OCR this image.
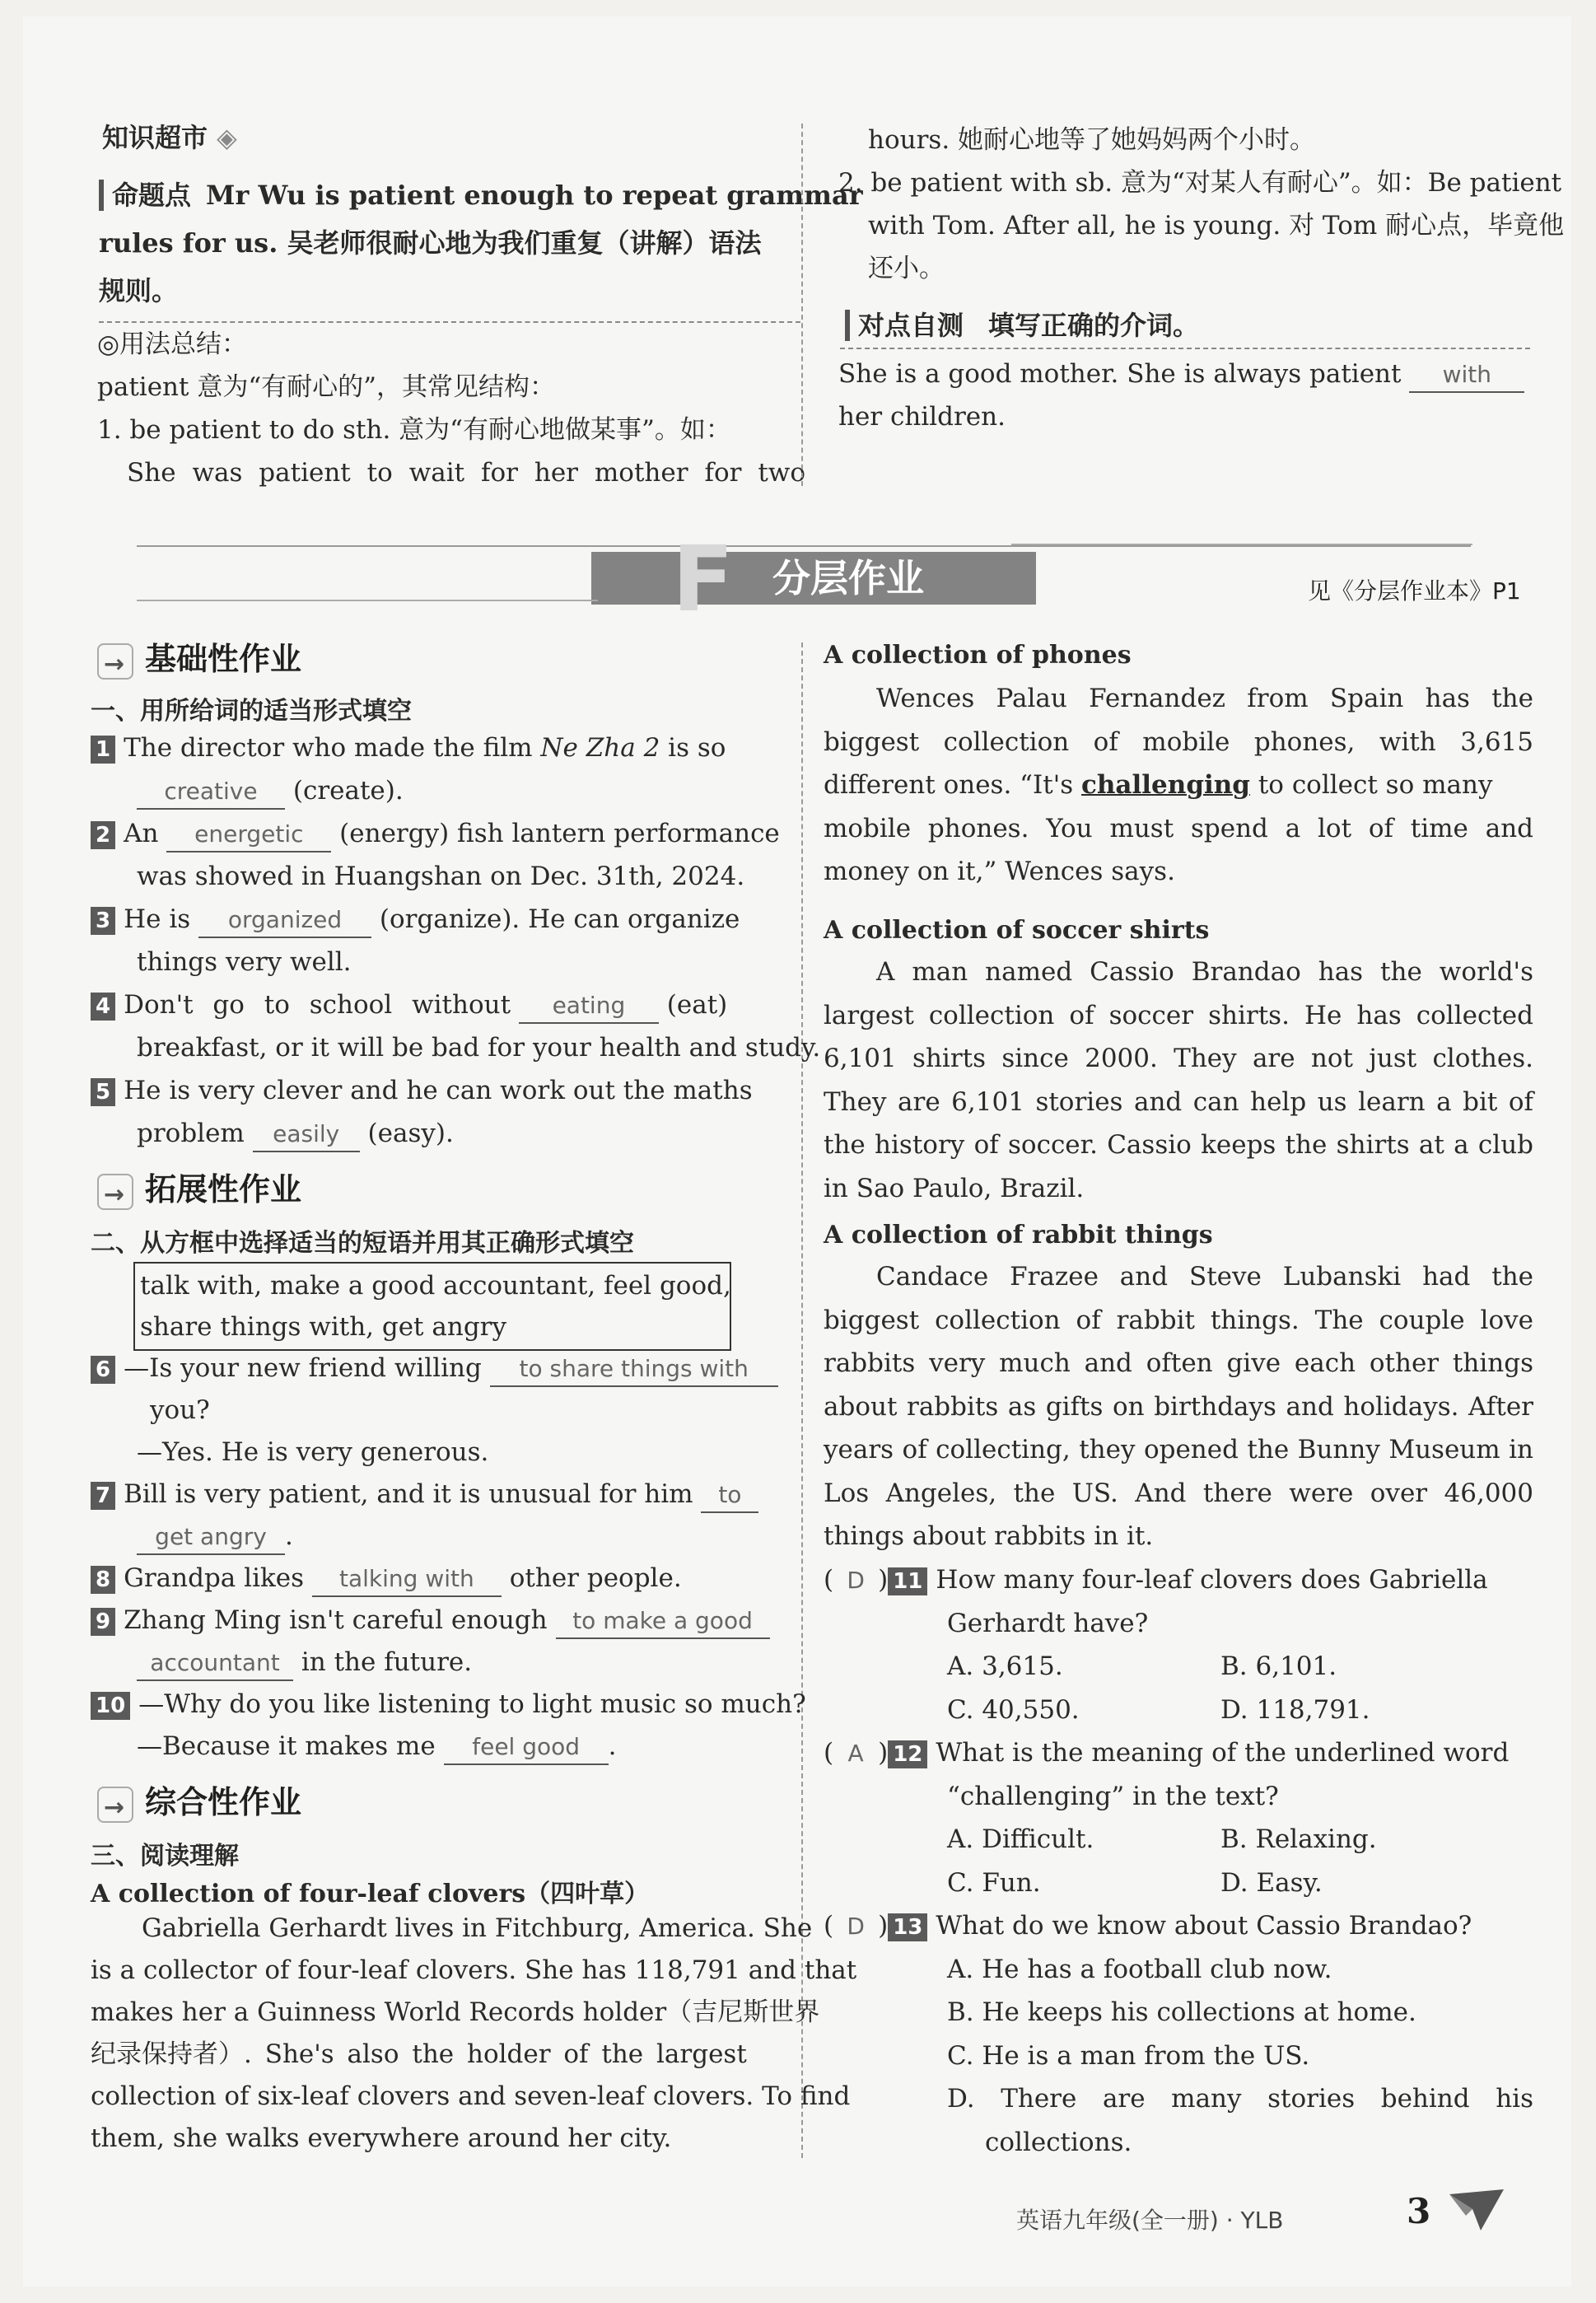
知识超市 ◈
命题点 Mr Wu is patient enough to repeat grammar
rules for us. 吴老师很耐心地为我们重复（讲解）语法
规则。
◎用法总结：
patient 意为“有耐心的”，其常见结构：
1. be patient to do sth. 意为“有耐心地做某事”。如：
She was patient to wait for her mother for two
hours. 她耐心地等了她妈妈两个小时。
2. be patient with sb. 意为“对某人有耐心”。如：Be patient
with Tom. After all, he is young. 对 Tom 耐心点，毕竟他
还小。
对点自测 填写正确的介词。
She is a good mother. She is always patient with
her children.
F 分层作业	见《分层作业本》P1
→基础性作业
一、用所给词的适当形式填空
1 The director who made the film Ne Zha 2 is so
creative (create).
2 An energetic (energy) fish lantern performance
was showed in Huangshan on Dec. 31th, 2024.
3 He is organized (organize). He can organize
things very well.
4 Don't go to school without eating (eat)
breakfast, or it will be bad for your health and study.
5 He is very clever and he can work out the maths
problem easily (easy).
→拓展性作业
二、从方框中选择适当的短语并用其正确形式填空
talk with, make a good accountant, feel good,
share things with, get angry
6 —Is your new friend willing to share things with
you?
—Yes. He is very generous.
7 Bill is very patient, and it is unusual for him to
get angry .
8 Grandpa likes talking with other people.
9 Zhang Ming isn't careful enough to make a good
accountant in the future.
10 —Why do you like listening to light music so much?
—Because it makes me feel good .
→综合性作业
三、阅读理解
A collection of four-leaf clovers（四叶草）
Gabriella Gerhardt lives in Fitchburg, America. She
is a collector of four-leaf clovers. She has 118,791 and that
makes her a Guinness World Records holder（吉尼斯世界
纪录保持者）. She's also the holder of the largest
collection of six-leaf clovers and seven-leaf clovers. To find
them, she walks everywhere around her city.
A collection of phones
Wences Palau Fernandez from Spain has the
biggest collection of mobile phones, with 3,615
different ones. “It's challenging to collect so many
mobile phones. You must spend a lot of time and
money on it,” Wences says.
A collection of soccer shirts
A man named Cassio Brandao has the world's
largest collection of soccer shirts. He has collected
6,101 shirts since 2000. They are not just clothes.
They are 6,101 stories and can help us learn a bit of
the history of soccer. Cassio keeps the shirts at a club
in Sao Paulo, Brazil.
A collection of rabbit things
Candace Frazee and Steve Lubanski had the
biggest collection of rabbit things. The couple love
rabbits very much and often give each other things
about rabbits as gifts on birthdays and holidays. After
years of collecting, they opened the Bunny Museum in
Los Angeles, the US. And there were over 46,000
things about rabbits in it.
( D ) 11 How many four-leaf clovers does Gabriella
Gerhardt have?
A. 3,615.	B. 6,101.
C. 40,550.	D. 118,791.
( A ) 12 What is the meaning of the underlined word
“challenging” in the text?
A. Difficult.	B. Relaxing.
C. Fun.	D. Easy.
( D ) 13 What do we know about Cassio Brandao?
A. He has a football club now.
B. He keeps his collections at home.
C. He is a man from the US.
D. There are many stories behind his
collections.
英语九年级(全一册) · YLB	3
